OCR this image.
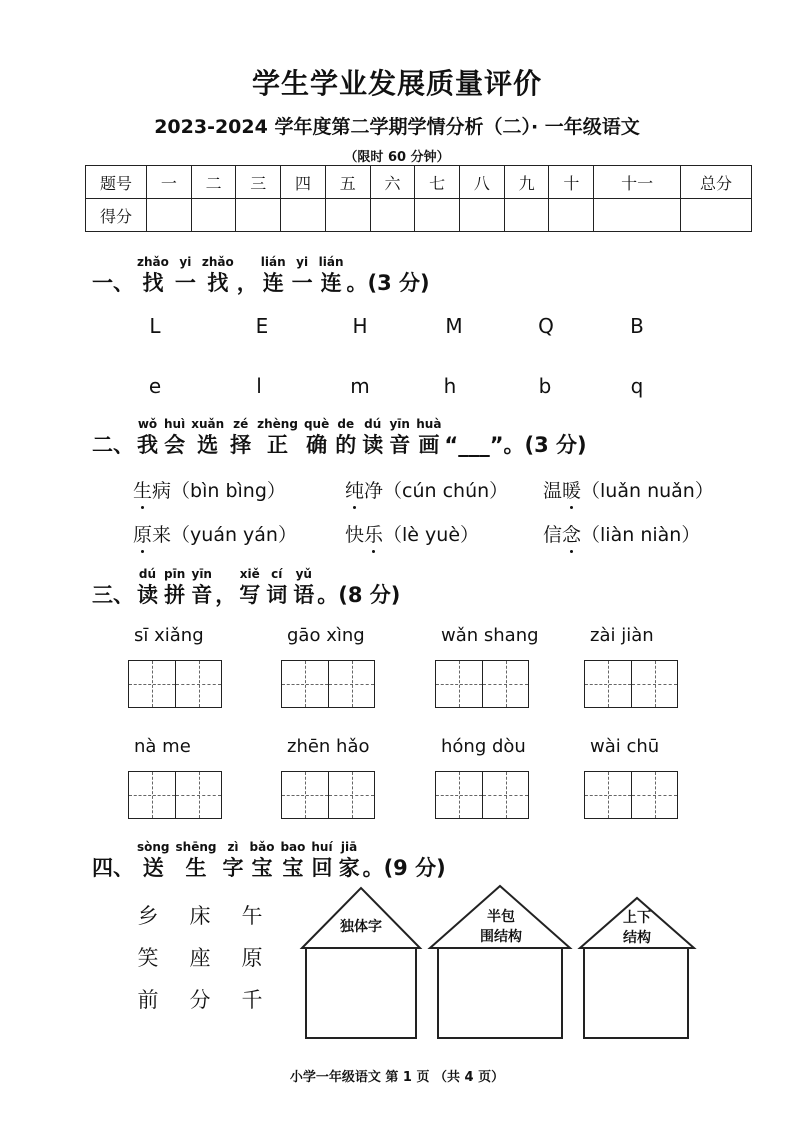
学生学业发展质量评价
2023-2024 学年度第二学期学情分析（二）· 一年级语文
（限时 60 分钟）
题号	一	二	三	四	五	六	七	八	九	十	十一	总分
得分												
一、
zhǎo
找
yi
一
zhǎo
找 ，
lián
连
yi
一
lián
连 。(3 分)
L	E	H	M	Q	B
e	l	m	h	b	q
二、
wǒ
我
huì
会
xuǎn
选
zé
择
zhèng
正
què
确
de
的
dú
读
yīn
音
huà
画 “___”。(3 分)
生病（bìn bìng）	纯净（cún chún） 温暖（luǎn nuǎn）
原来（yuán yán）	快乐（lè yuè）	信念（liàn niàn）
三、
dú
读
pīn
拼
yīn
音 ，
xiě
写
cí
词
yǔ
语 。(8 分)
sī xiǎng	gāo xìng	wǎn shang	zài jiàn
nà me	zhēn hǎo	hóng dòu	wài chū
四、
sòng
送
shēng
生
zì
字
bǎo
宝
bao
宝
huí
回
jiā
家 。(9 分)
乡 床 午
笑 座 原
前 分 千
独体字
半包
围结构
上下
结构
小学一年级语文 第 1 页 （共 4 页）
